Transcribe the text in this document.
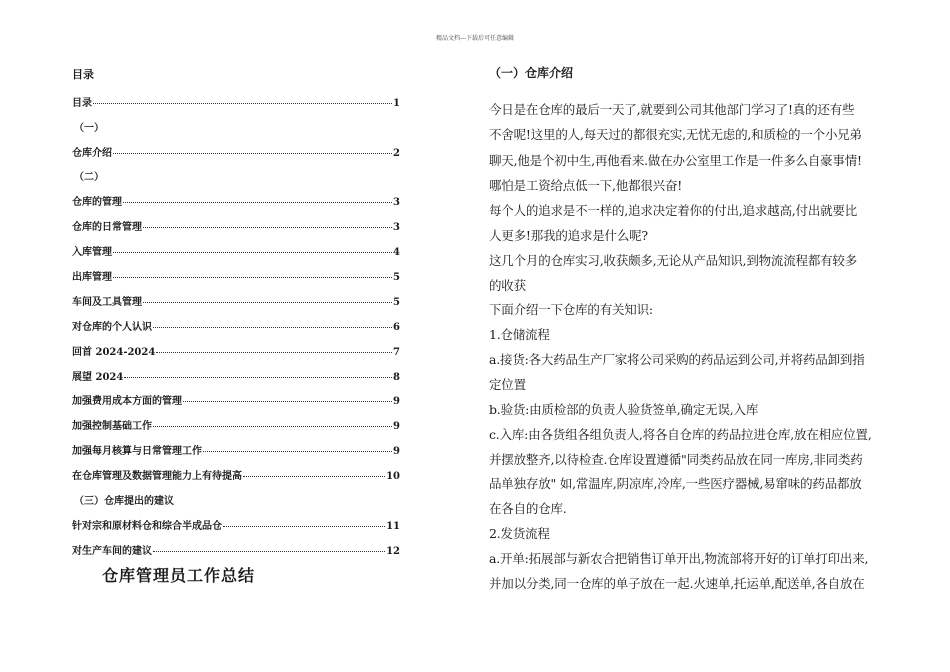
精品文档---下载后可任意编辑
目录
目录	1
（一）
仓库介绍	2
（二）
仓库的管理	3
仓库的日常管理	3
入库管理	4
出库管理	5
车间及工具管理	5
对仓库的个人认识	6
回首 2024-2024	7
展望 2024	8
加强费用成本方面的管理	9
加强控制基础工作	9
加强每月核算与日常管理工作	9
在仓库管理及数据管理能力上有待提高	10
（三）仓库提出的建议
针对宗和原材料仓和综合半成品仓	11
对生产车间的建议	12
仓库管理员工作总结
（一）仓库介绍
今日是在仓库的最后一天了,就要到公司其他部门学习了!真的还有些
不舍呢!这里的人,每天过的都很充实,无忧无虑的,和质检的一个小兄弟
聊天,他是个初中生,再他看来.做在办公室里工作是一件多么自豪事情!
哪怕是工资给点低一下,他都很兴奋!
每个人的追求是不一样的,追求决定着你的付出,追求越高,付出就要比
人更多!那我的追求是什么呢?
这几个月的仓库实习,收获颇多,无论从产品知识,到物流流程都有较多
的收获
下面介绍一下仓库的有关知识:
1.仓储流程
a.接货:各大药品生产厂家将公司采购的药品运到公司,并将药品卸到指
定位置
b.验货:由质检部的负责人验货签单,确定无误,入库
c.入库:由各货组各组负责人,将各自仓库的药品拉进仓库,放在相应位置,
并摆放整齐,以待检查.仓库设置遵循"同类药品放在同一库房,非同类药
品单独存放" 如,常温库,阴凉库,冷库,一些医疗器械,易窜味的药品都放
在各自的仓库.
2.发货流程
a.开单:拓展部与新农合把销售订单开出,物流部将开好的订单打印出来,
并加以分类,同一仓库的单子放在一起.火速单,托运单,配送单,各自放在
